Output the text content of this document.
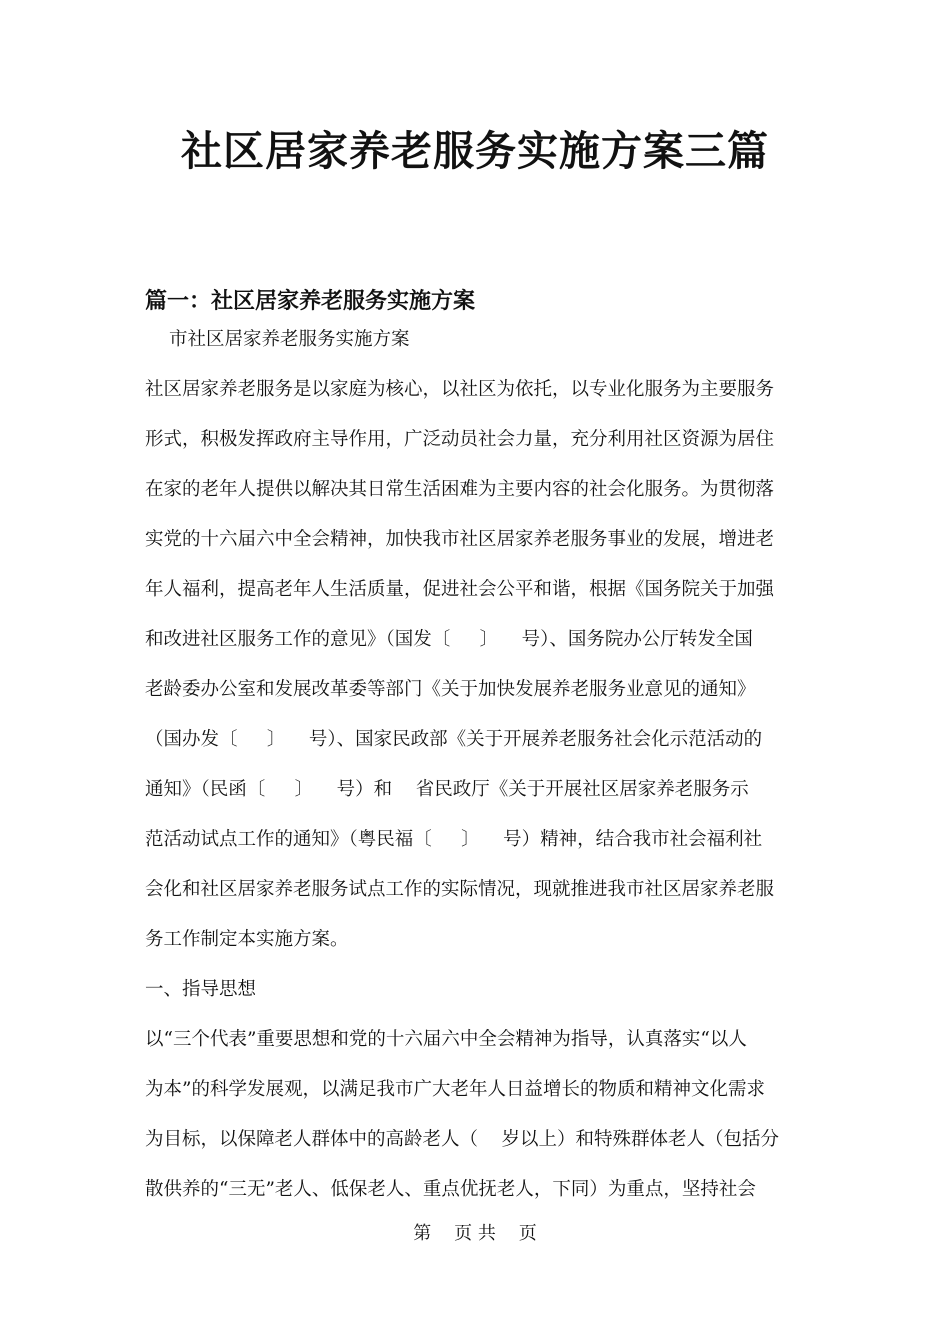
社区居家养老服务实施方案三篇
篇一：社区居家养老服务实施方案
市社区居家养老服务实施方案
社区居家养老服务是以家庭为核心，以社区为依托，以专业化服务为主要服务
形式，积极发挥政府主导作用，广泛动员社会力量，充分利用社区资源为居住
在家的老年人提供以解决其日常生活困难为主要内容的社会化服务。为贯彻落
实党的十六届六中全会精神，加快我市社区居家养老服务事业的发展，增进老
年人福利，提高老年人生活质量，促进社会公平和谐，根据《国务院关于加强
和改进社区服务工作的意见》（国发〔     〕    号）、国务院办公厅转发全国
老龄委办公室和发展改革委等部门《关于加快发展养老服务业意见的通知》
（国办发〔     〕    号）、国家民政部《关于开展养老服务社会化示范活动的
通知》（民函〔     〕    号）和    省民政厅《关于开展社区居家养老服务示
范活动试点工作的通知》（粤民福〔     〕    号）精神，结合我市社会福利社
会化和社区居家养老服务试点工作的实际情况，现就推进我市社区居家养老服
务工作制定本实施方案。
一、指导思想
以“三个代表”重要思想和党的十六届六中全会精神为指导，认真落实“以人
为本”的科学发展观，以满足我市广大老年人日益增长的物质和精神文化需求
为目标，以保障老人群体中的高龄老人（    岁以上）和特殊群体老人（包括分
散供养的“三无”老人、低保老人、重点优抚老人，下同）为重点，坚持社会
第    页 共    页
